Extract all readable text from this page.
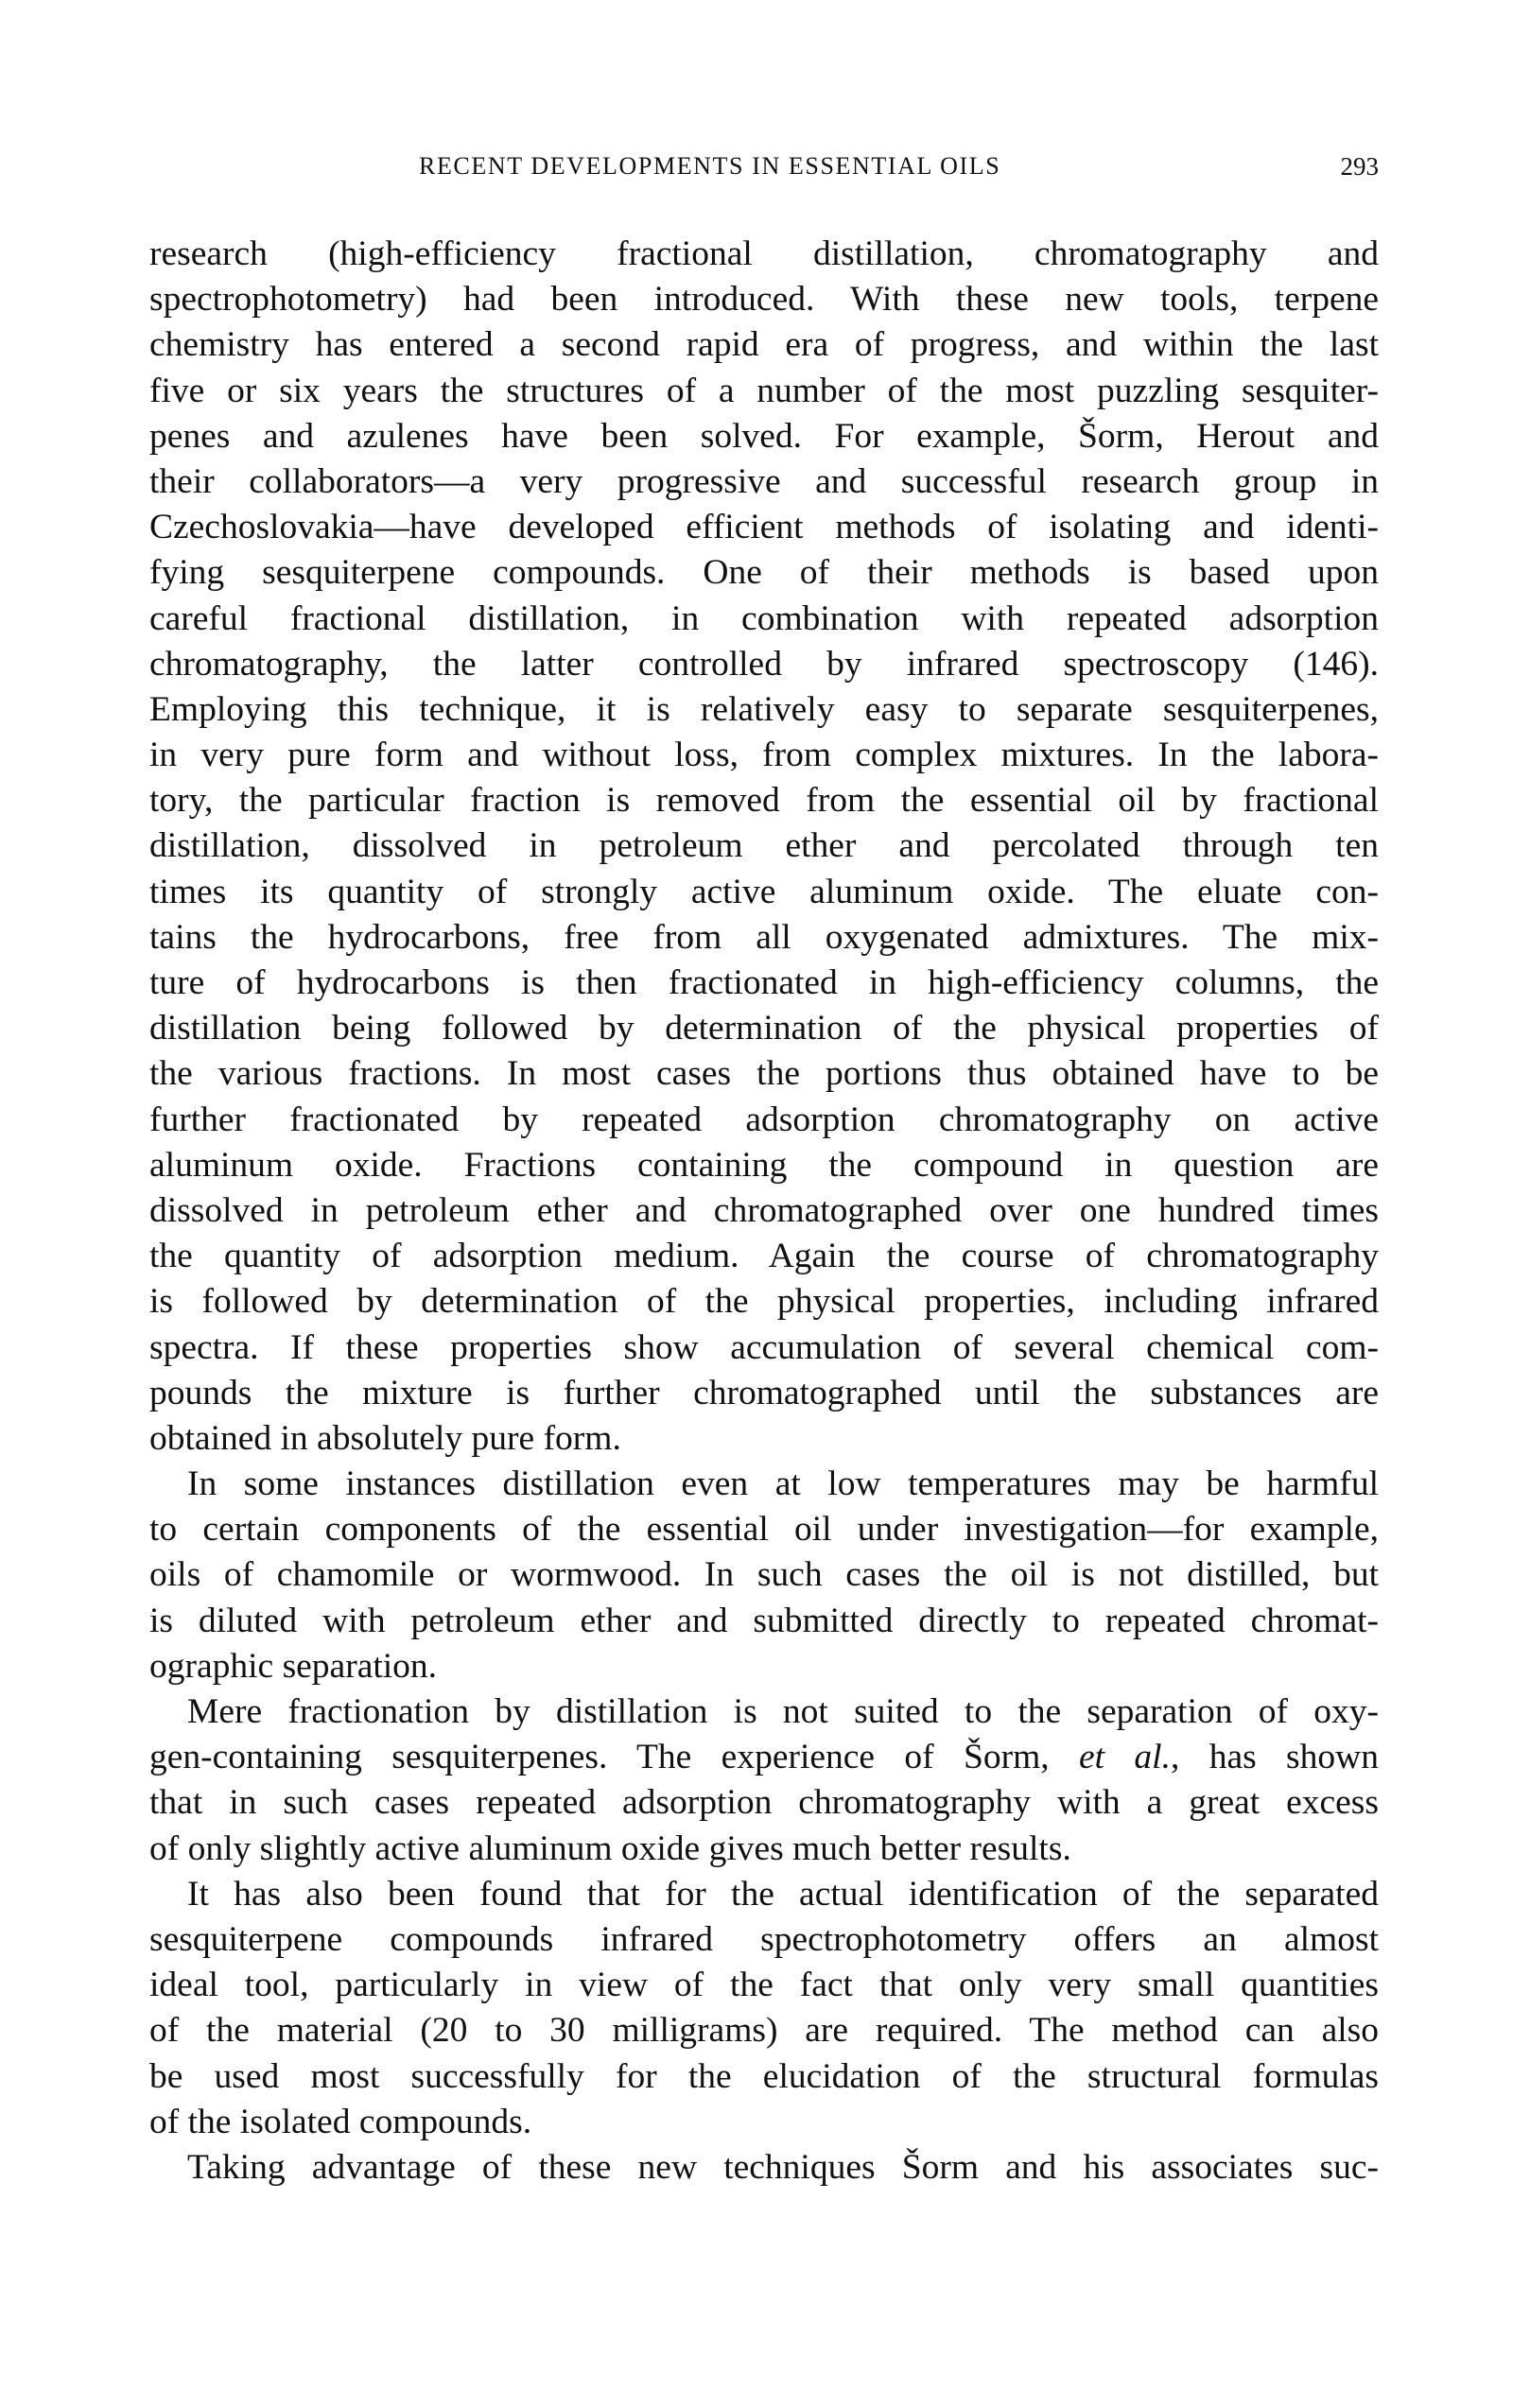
RECENT DEVELOPMENTS IN ESSENTIAL OILS	293
research (high-efficiency fractional distillation, chromatography and
spectrophotometry) had been introduced. With these new tools, terpene
chemistry has entered a second rapid era of progress, and within the last
five or six years the structures of a number of the most puzzling sesquiter-
penes and azulenes have been solved. For example, Šorm, Herout and
their collaborators—a very progressive and successful research group in
Czechoslovakia—have developed efficient methods of isolating and identi-
fying sesquiterpene compounds. One of their methods is based upon
careful fractional distillation, in combination with repeated adsorption
chromatography, the latter controlled by infrared spectroscopy (146).
Employing this technique, it is relatively easy to separate sesquiterpenes,
in very pure form and without loss, from complex mixtures. In the labora-
tory, the particular fraction is removed from the essential oil by fractional
distillation, dissolved in petroleum ether and percolated through ten
times its quantity of strongly active aluminum oxide. The eluate con-
tains the hydrocarbons, free from all oxygenated admixtures. The mix-
ture of hydrocarbons is then fractionated in high-efficiency columns, the
distillation being followed by determination of the physical properties of
the various fractions. In most cases the portions thus obtained have to be
further fractionated by repeated adsorption chromatography on active
aluminum oxide. Fractions containing the compound in question are
dissolved in petroleum ether and chromatographed over one hundred times
the quantity of adsorption medium. Again the course of chromatography
is followed by determination of the physical properties, including infrared
spectra. If these properties show accumulation of several chemical com-
pounds the mixture is further chromatographed until the substances are
obtained in absolutely pure form.
In some instances distillation even at low temperatures may be harmful
to certain components of the essential oil under investigation—for example,
oils of chamomile or wormwood. In such cases the oil is not distilled, but
is diluted with petroleum ether and submitted directly to repeated chromat-
ographic separation.
Mere fractionation by distillation is not suited to the separation of oxy-
gen-containing sesquiterpenes. The experience of Šorm, et al., has shown
that in such cases repeated adsorption chromatography with a great excess
of only slightly active aluminum oxide gives much better results.
It has also been found that for the actual identification of the separated
sesquiterpene compounds infrared spectrophotometry offers an almost
ideal tool, particularly in view of the fact that only very small quantities
of the material (20 to 30 milligrams) are required. The method can also
be used most successfully for the elucidation of the structural formulas
of the isolated compounds.
Taking advantage of these new techniques Šorm and his associates suc-
